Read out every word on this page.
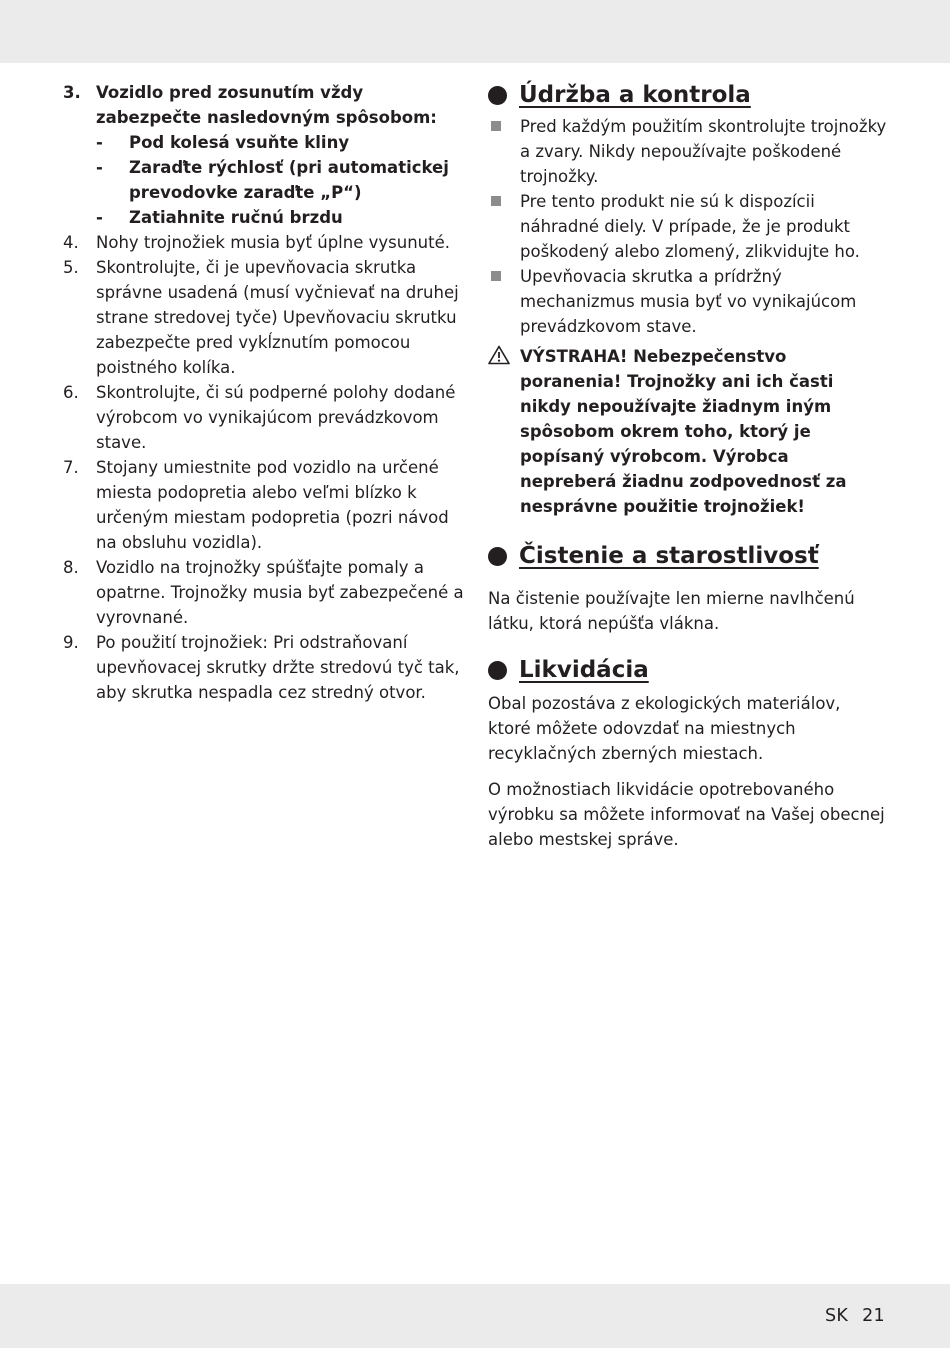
3. Vozidlo pred zosunutím vždy zabezpečte nasledovným spôsobom:
- Pod kolesá vsuňte kliny
- Zaraďte rýchlosť (pri automatickej prevodovke zaraďte „P“)
- Zatiahnite ručnú brzdu
4. Nohy trojnožiek musia byť úplne vysunuté.
5. Skontrolujte, či je upevňovacia skrutka správne usadená (musí vyčnievať na druhej strane stredovej tyče) Upevňovaciu skrutku zabezpečte pred vykĺznutím pomocou poistného kolíka.
6. Skontrolujte, či sú podperné polohy dodané výrobcom vo vynikajúcom prevádzkovom stave.
7. Stojany umiestnite pod vozidlo na určené miesta podopretia alebo veľmi blízko k určeným miestam podopretia (pozri návod na obsluhu vozidla).
8. Vozidlo na trojnožky spúšťajte pomaly a opatrne. Trojnožky musia byť zabezpečené a vyrovnané.
9. Po použití trojnožiek: Pri odstraňovaní upevňovacej skrutky držte stredovú tyč tak, aby skrutka nespadla cez stredný otvor.
Údržba a kontrola
Pred každým použitím skontrolujte trojnožky a zvary. Nikdy nepoužívajte poškodené trojnožky.
Pre tento produkt nie sú k dispozícii náhradné diely. V prípade, že je produkt poškodený alebo zlomený, zlikvidujte ho.
Upevňovacia skrutka a prídržný mechanizmus musia byť vo vynikajúcom prevádzkovom stave.
VÝSTRAHA! Nebezpečenstvo poranenia! Trojnožky ani ich časti nikdy nepoužívajte žiadnym iným spôsobom okrem toho, ktorý je popísaný výrobcom. Výrobca nepreberá žiadnu zodpovednosť za nesprávne použitie trojnožiek!
Čistenie a starostlivosť

Na čistenie používajte len mierne navlhčenú látku, ktorá nepúšťa vlákna.

Likvidácia

Obal pozostáva z ekologických materiálov, ktoré môžete odovzdať na miestnych recyklačných zberných miestach.

O možnostiach likvidácie opotrebovaného výrobku sa môžete informovať na Vašej obecnej alebo mestskej správe.

SK 21
